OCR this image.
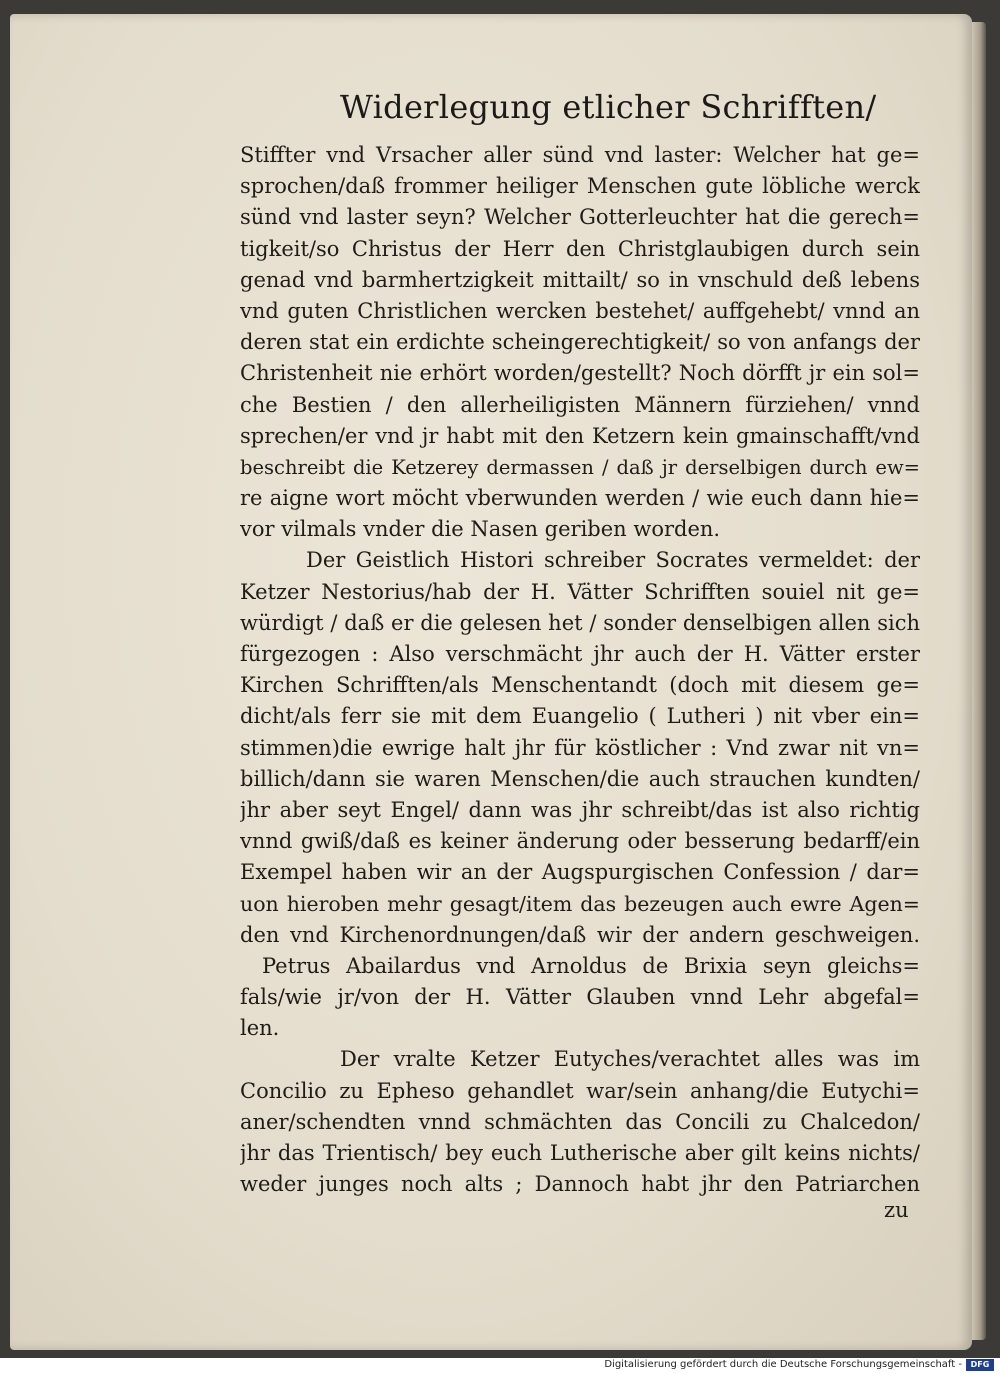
Widerlegung etlicher Schrifften/
Stiffter vnd Vrsacher aller sünd vnd laster: Welcher hat ge=
sprochen/daß frommer heiliger Menschen gute löbliche werck
sünd vnd laster seyn? Welcher Gotterleuchter hat die gerech=
tigkeit/so Christus der Herr den Christglaubigen durch sein
genad vnd barmhertzigkeit mittailt/ so in vnschuld deß lebens
vnd guten Christlichen wercken bestehet/ auffgehebt/ vnnd an
deren stat ein erdichte scheingerechtigkeit/ so von anfangs der
Christenheit nie erhört worden/gestellt? Noch dörfft jr ein sol=
che Bestien / den allerheiligisten Männern fürziehen/ vnnd
sprechen/er vnd jr habt mit den Ketzern kein gmainschafft/vnd
beschreibt die Ketzerey dermassen / daß jr derselbigen durch ew=
re aigne wort möcht vberwunden werden / wie euch dann hie=
vor vilmals vnder die Nasen geriben worden.
Der Geistlich Histori schreiber Socrates vermeldet: der
Ketzer Nestorius/hab der H. Vätter Schrifften souiel nit ge=
würdigt / daß er die gelesen het / sonder denselbigen allen sich
fürgezogen : Also verschmächt jhr auch der H. Vätter erster
Kirchen Schrifften/als Menschentandt (doch mit diesem ge=
dicht/als ferr sie mit dem Euangelio ( Lutheri ) nit vber ein=
stimmen)die ewrige halt jhr für köstlicher : Vnd zwar nit vn=
billich/dann sie waren Menschen/die auch strauchen kundten/
jhr aber seyt Engel/ dann was jhr schreibt/das ist also richtig
vnnd gwiß/daß es keiner änderung oder besserung bedarff/ein
Exempel haben wir an der Augspurgischen Confession / dar=
uon hieroben mehr gesagt/item das bezeugen auch ewre Agen=
den vnd Kirchenordnungen/daß wir der andern geschweigen.
Petrus Abailardus vnd Arnoldus de Brixia seyn gleichs=
fals/wie jr/von der H. Vätter Glauben vnnd Lehr abgefal=
len.
Der vralte Ketzer Eutyches/verachtet alles was im
Concilio zu Epheso gehandlet war/sein anhang/die Eutychi=
aner/schendten vnnd schmächten das Concili zu Chalcedon/
jhr das Trientisch/ bey euch Lutherische aber gilt keins nichts/
weder junges noch alts ; Dannoch habt jhr den Patriarchen
zu
Digitalisierung gefördert durch die Deutsche Forschungsgemeinschaft -	DFG
